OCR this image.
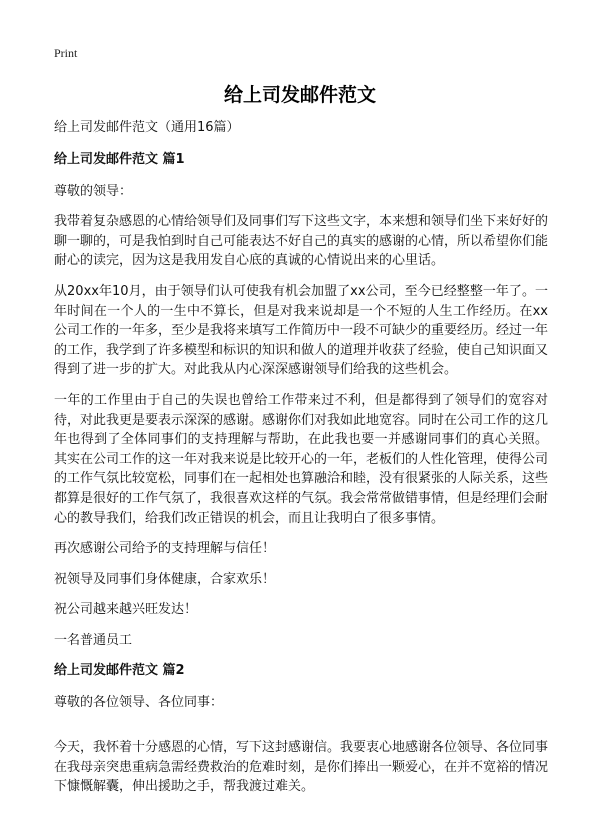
Print
给上司发邮件范文

给上司发邮件范文（通用16篇）

给上司发邮件范文 篇1

尊敬的领导：

我带着复杂感恩的心情给领导们及同事们写下这些文字，本来想和领导们坐下来好好的聊一聊的，可是我怕到时自己可能表达不好自己的真实的感谢的心情，所以希望你们能耐心的读完，因为这是我用发自心底的真诚的心情说出来的心里话。

从20xx年10月，由于领导们认可使我有机会加盟了xx公司，至今已经整整一年了。一年时间在一个人的一生中不算长，但是对我来说却是一个不短的人生工作经历。在xx公司工作的一年多，至少是我将来填写工作简历中一段不可缺少的重要经历。经过一年的工作，我学到了许多模型和标识的知识和做人的道理并收获了经验，使自己知识面又得到了进一步的扩大。对此我从内心深深感谢领导们给我的这些机会。

一年的工作里由于自己的失误也曾给工作带来过不利，但是都得到了领导们的宽容对待，对此我更是要表示深深的感谢。感谢你们对我如此地宽容。同时在公司工作的这几年也得到了全体同事们的支持理解与帮助，在此我也要一并感谢同事们的真心关照。 其实在公司工作的这一年对我来说是比较开心的一年，老板们的人性化管理，使得公司的工作气氛比较宽松，同事们在一起相处也算融洽和睦，没有很紧张的人际关系，这些都算是很好的工作气氛了，我很喜欢这样的气氛。我会常常做错事情，但是经理们会耐心的教导我们，给我们改正错误的机会，而且让我明白了很多事情。

再次感谢公司给予的支持理解与信任！

祝领导及同事们身体健康，合家欢乐！

祝公司越来越兴旺发达！

一名普通员工

给上司发邮件范文 篇2

尊敬的各位领导、各位同事：

今天，我怀着十分感恩的心情，写下这封感谢信。我要衷心地感谢各位领导、各位同事在我母亲突患重病急需经费救治的危难时刻，是你们捧出一颗爱心，在并不宽裕的情况下慷慨解囊，伸出援助之手，帮我渡过难关。
